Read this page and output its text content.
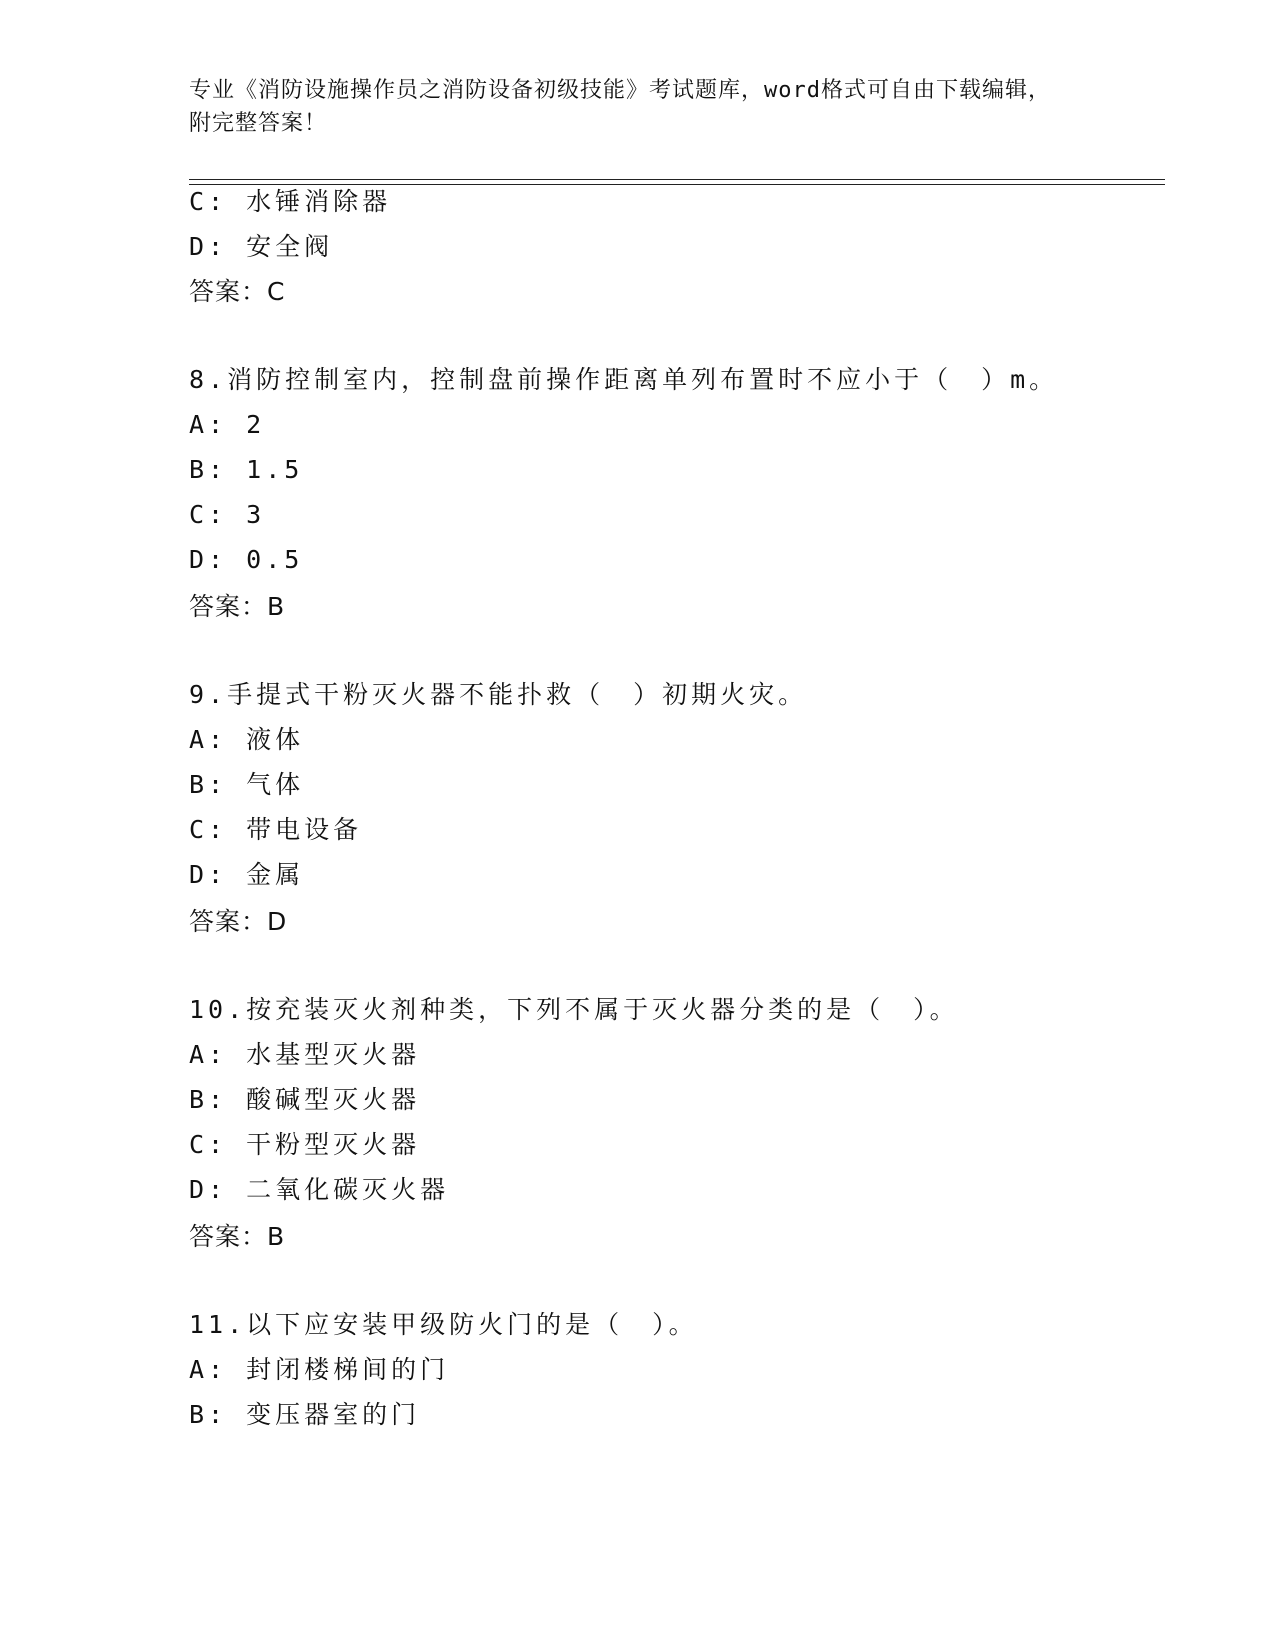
专业《消防设施操作员之消防设备初级技能》考试题库，word格式可自由下载编辑，附完整答案！
C: 水锤消除器
D: 安全阀
答案：C
8.消防控制室内，控制盘前操作距离单列布置时不应小于（　）m。
A: 2
B: 1.5
C: 3
D: 0.5
答案：B
9.手提式干粉灭火器不能扑救（　）初期火灾。
A: 液体
B: 气体
C: 带电设备
D: 金属
答案：D
10.按充装灭火剂种类，下列不属于灭火器分类的是（　）。
A: 水基型灭火器
B: 酸碱型灭火器
C: 干粉型灭火器
D: 二氧化碳灭火器
答案：B
11.以下应安装甲级防火门的是（　）。
A: 封闭楼梯间的门
B: 变压器室的门
